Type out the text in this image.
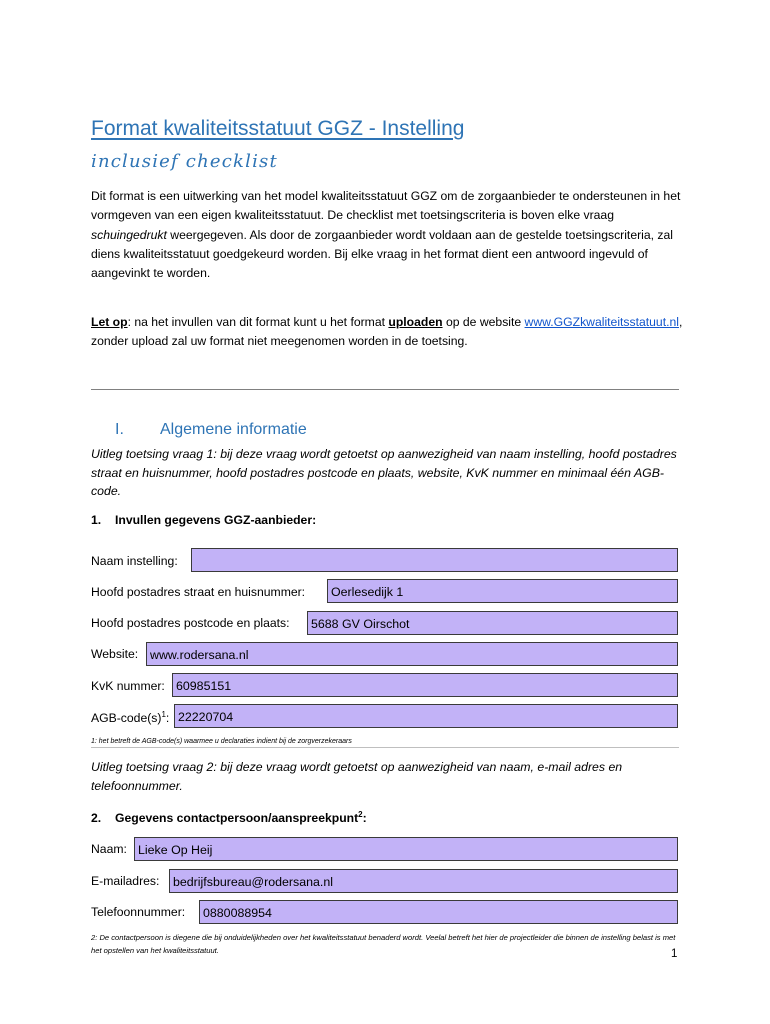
Format kwaliteitsstatuut GGZ - Instelling
inclusief checklist
Dit format is een uitwerking van het model kwaliteitsstatuut GGZ om de zorgaanbieder te ondersteunen in het vormgeven van een eigen kwaliteitsstatuut. De checklist met toetsingscriteria is boven elke vraag schuingedrukt weergegeven. Als door de zorgaanbieder wordt voldaan aan de gestelde toetsingscriteria, zal diens kwaliteitsstatuut goedgekeurd worden. Bij elke vraag in het format dient een antwoord ingevuld of aangevinkt te worden.
Let op: na het invullen van dit format kunt u het format uploaden op de website www.GGZkwaliteitsstatuut.nl, zonder upload zal uw format niet meegenomen worden in de toetsing.
I. Algemene informatie
Uitleg toetsing vraag 1: bij deze vraag wordt getoetst op aanwezigheid van naam instelling, hoofd postadres straat en huisnummer, hoofd postadres postcode en plaats, website, KvK nummer en minimaal één AGB-code.
1. Invullen gegevens GGZ-aanbieder:
Naam instelling:
Hoofd postadres straat en huisnummer:	Oerlesedijk 1
Hoofd postadres postcode en plaats:	5688 GV Oirschot
Website: www.rodersana.nl
KvK nummer: 60985151
AGB-$code(s)^1$: 22220704
1: het betreft de AGB-code(s) waarmee u declaraties indient bij de zorgverzekeraars
Uitleg toetsing vraag 2: bij deze vraag wordt getoetst op aanwezigheid van naam, e-mail adres en telefoonnummer.
2. Gegevens contactpersoon/aanspreekpunt$^2$:
Naam: Lieke Op Heij
E-mailadres:	bedrijfsbureau@rodersana.nl
Telefoonnummer:	0880088954
2: De contactpersoon is diegene die bij onduidelijkheden over het kwaliteitsstatuut benaderd wordt. Veelal betreft het hier de projectleider die binnen de instelling belast is met het opstellen van het kwaliteitsstatuut.	1
